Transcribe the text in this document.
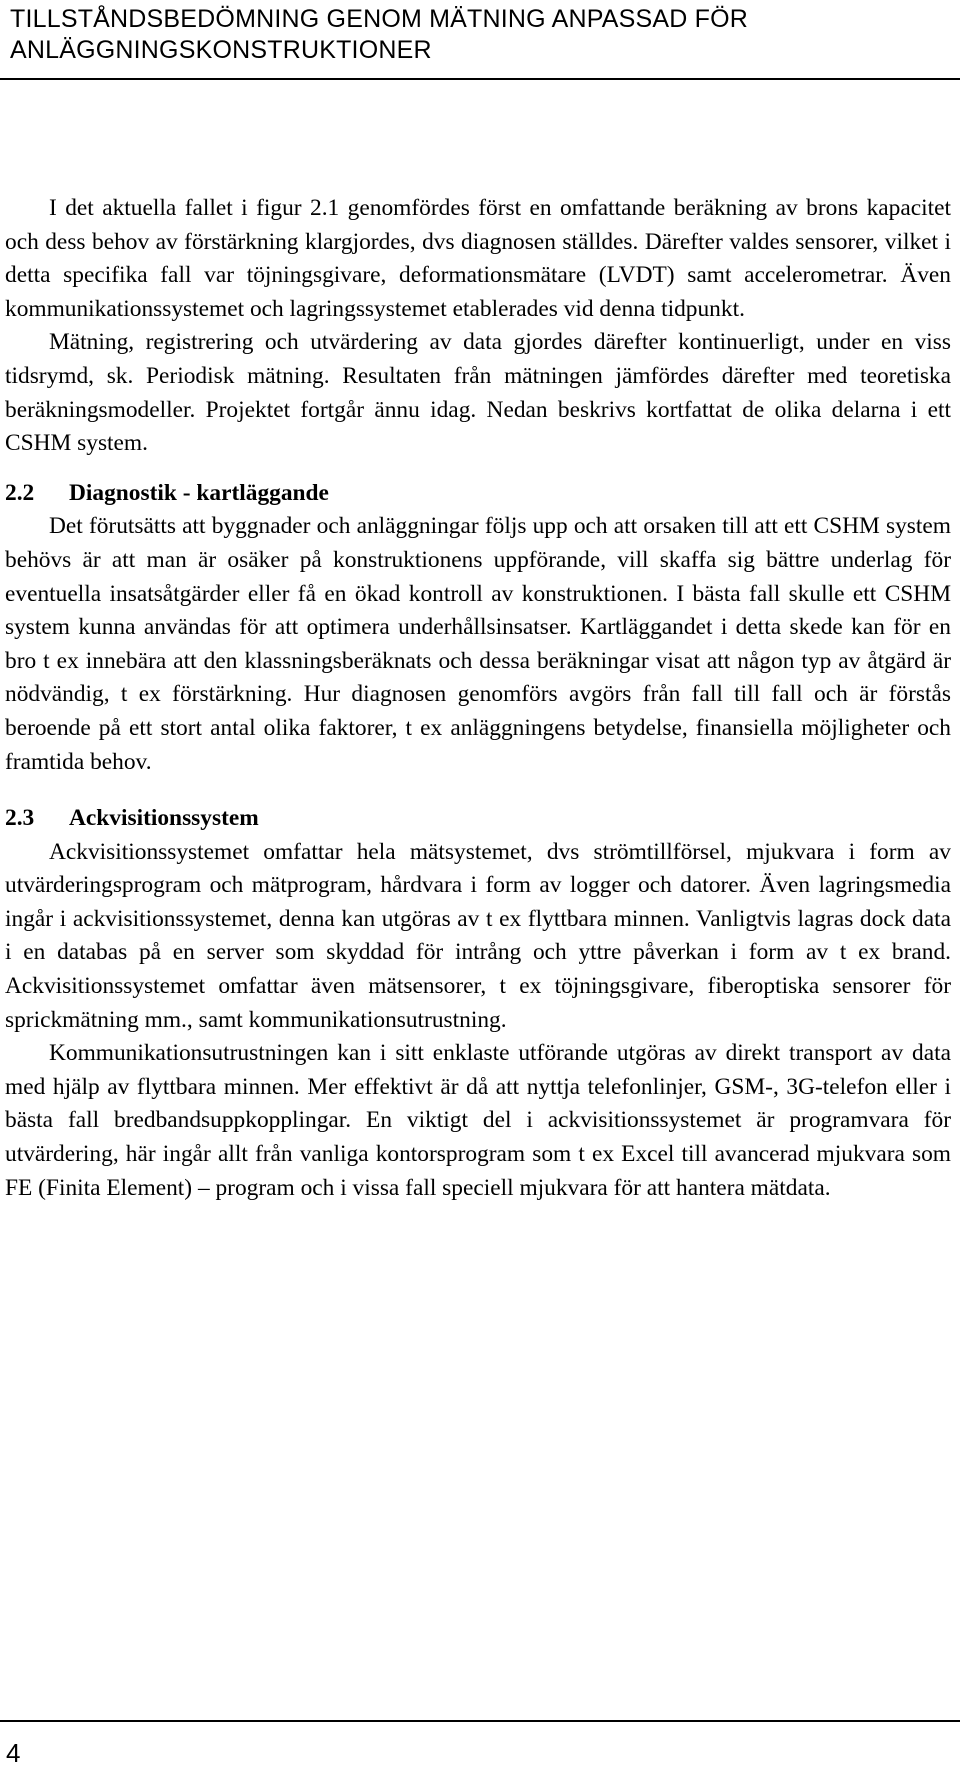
TILLSTÅNDSBEDÖMNING GENOM MÄTNING ANPASSAD FÖR ANLÄGGNINGSKONSTRUKTIONER

I det aktuella fallet i figur 2.1 genomfördes först en omfattande beräkning av brons kapacitet och dess behov av förstärkning klargjordes, dvs diagnosen ställdes. Därefter valdes sensorer, vilket i detta specifika fall var töjningsgivare, deformationsmätare (LVDT) samt accelerometrar. Även kommunikationssystemet och lagringssystemet etablerades vid denna tidpunkt.

Mätning, registrering och utvärdering av data gjordes därefter kontinuerligt, under en viss tidsrymd, sk. Periodisk mätning. Resultaten från mätningen jämfördes därefter med teoretiska beräkningsmodeller. Projektet fortgår ännu idag. Nedan beskrivs kortfattat de olika delarna i ett CSHM system.

2.2 Diagnostik - kartläggande

Det förutsätts att byggnader och anläggningar följs upp och att orsaken till att ett CSHM system behövs är att man är osäker på konstruktionens uppförande, vill skaffa sig bättre underlag för eventuella insatsåtgärder eller få en ökad kontroll av konstruktionen. I bästa fall skulle ett CSHM system kunna användas för att optimera underhållsinsatser. Kartläggandet i detta skede kan för en bro t ex innebära att den klassningsberäknats och dessa beräkningar visat att någon typ av åtgärd är nödvändig, t ex förstärkning. Hur diagnosen genomförs avgörs från fall till fall och är förstås beroende på ett stort antal olika faktorer, t ex anläggningens betydelse, finansiella möjligheter och framtida behov.

2.3 Ackvisitionssystem

Ackvisitionssystemet omfattar hela mätsystemet, dvs strömtillförsel, mjukvara i form av utvärderingsprogram och mätprogram, hårdvara i form av logger och datorer. Även lagringsmedia ingår i ackvisitionssystemet, denna kan utgöras av t ex flyttbara minnen. Vanligtvis lagras dock data i en databas på en server som skyddad för intrång och yttre påverkan i form av t ex brand. Ackvisitionssystemet omfattar även mätsensorer, t ex töjningsgivare, fiberoptiska sensorer för sprickmätning mm., samt kommunikationsutrustning.

Kommunikationsutrustningen kan i sitt enklaste utförande utgöras av direkt transport av data med hjälp av flyttbara minnen. Mer effektivt är då att nyttja telefonlinjer, GSM-, 3G-telefon eller i bästa fall bredbandsuppkopplingar. En viktigt del i ackvisitionssystemet är programvara för utvärdering, här ingår allt från vanliga kontorsprogram som t ex Excel till avancerad mjukvara som FE (Finita Element) – program och i vissa fall speciell mjukvara för att hantera mätdata.

4
